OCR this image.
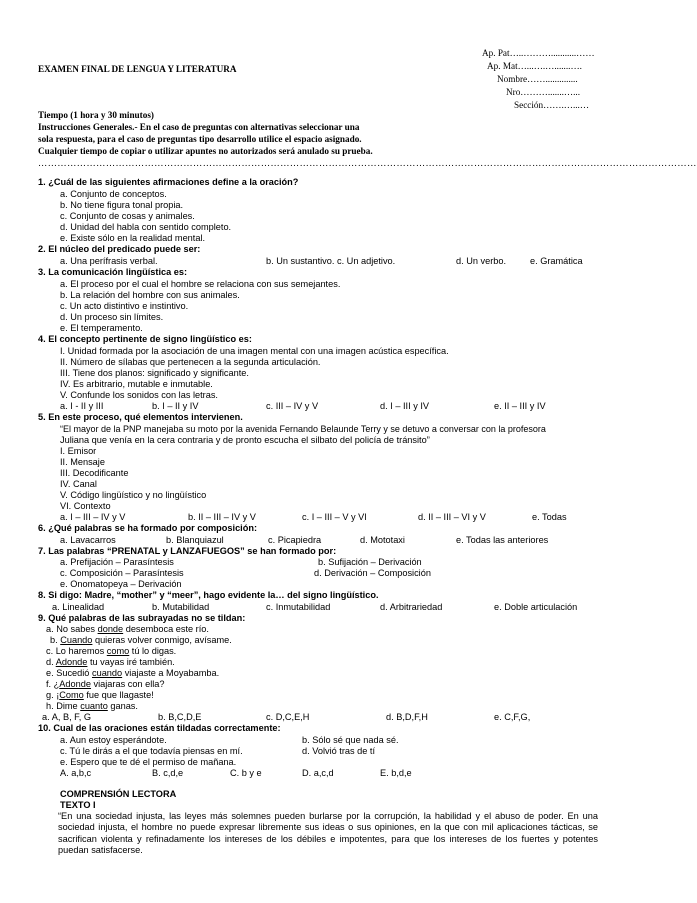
EXAMEN FINAL DE LENGUA Y LITERATURA
Ap. Pat…..………...........……
Ap. Mat…...….….......….
Nombre……..............
Nro……….......…...
Sección…….…...…
Tiempo (1 hora y 30 minutos)
Instrucciones Generales.- En el caso de preguntas con alternativas seleccionar una
sola respuesta, para el caso de preguntas tipo desarrollo utilice el espacio asignado.
Cualquier tiempo de copiar o utilizar apuntes no autorizados será anulado su prueba.
……………………………………………………………………………………………………………………………………………………………………………………
1. ¿Cuál de las siguientes afirmaciones define a la oración?
a. Conjunto de conceptos.
b. No tiene figura tonal propia.
c. Conjunto de cosas y animales.
d. Unidad del habla con sentido completo.
e. Existe sólo en la realidad mental.
2. El núcleo del predicado puede ser:
a. Una perífrasis verbal.	b. Un sustantivo. c. Un adjetivo.	d. Un verbo.	e. Gramática
3. La comunicación lingüística es:
a. El proceso por el cual el hombre se relaciona con sus semejantes.
b. La relación del hombre con sus animales.
c. Un acto distintivo e instintivo.
d. Un proceso sin límites.
e. El temperamento.
4. El concepto pertinente de signo lingüístico es:
I. Unidad formada por la asociación de una imagen mental con una imagen acústica específica.
II. Número de sílabas que pertenecen a la segunda articulación.
III. Tiene dos planos: significado y significante.
IV. Es arbitrario, mutable e inmutable.
V. Confunde los sonidos con las letras.
a. I - II y III	b. I – II y IV	c. III – IV y V	d. I – III y IV	e. II – III y IV
5. En este proceso, qué elementos intervienen.
“El mayor de la PNP manejaba su moto por la avenida Fernando Belaunde Terry y se detuvo a conversar con la profesora
Juliana que venía en la cera contraria y de pronto escucha el silbato del policía de tránsito”
I. Emisor
II. Mensaje
III. Decodificante
IV. Canal
V. Código lingüístico y no lingüístico
VI. Contexto
a. I – III – IV y V	b. II – III – IV y V	c. I – III – V y VI	d. II – III – VI y V	e. Todas
6. ¿Qué palabras se ha formado por composición:
a. Lavacarros	b. Blanquiazul	c. Picapiedra	d. Mototaxi	e. Todas las anteriores
7. Las palabras “PRENATAL y LANZAFUEGOS” se han formado por:
a. Prefijación – Parasíntesis	b. Sufijación – Derivación
c. Composición – Parasíntesis	d. Derivación – Composición
e. Onomatopeya – Derivación
8. Si digo: Madre, “mother” y “meer”, hago evidente la… del signo lingüístico.
a. Linealidad	b. Mutabilidad	c. Inmutabilidad	d. Arbitrariedad	e. Doble articulación
9. Qué palabras de las subrayadas no se tildan:
a. No sabes donde desemboca este río.
b. Cuando quieras volver conmigo, avísame.
c. Lo haremos como tú lo digas.
d. Adonde tu vayas iré también.
e. Sucedió cuando viajaste a Moyabamba.
f. ¿Adonde viajaras con ella?
g. ¡Como fue que llagaste!
h. Dime cuanto ganas.
a. A, B, F, G	b. B,C,D,E	c. D,C,E,H	d. B,D,F,H	e. C,F,G,
10. Cual de las oraciones están tildadas correctamente:
a. Aun estoy esperándote.	b. Sólo sé que nada sé.
c. Tú le dirás a el que todavía piensas en mí.	d. Volvió tras de tí
e. Espero que te dé el permiso de mañana.
A. a,b,c	B. c,d,e	C. b y e	D. a,c,d	E. b,d,e
COMPRENSIÓN LECTORA
TEXTO I
“En una sociedad injusta, las leyes más solemnes pueden burlarse por la corrupción, la habilidad y el abuso de poder. En una sociedad injusta, el hombre no puede expresar libremente sus ideas o sus opiniones, en la que con mil aplicaciones tácticas, se sacrifican violenta y refinadamente los intereses de los débiles e impotentes, para que los intereses de los fuertes y potentes puedan satisfacerse.
